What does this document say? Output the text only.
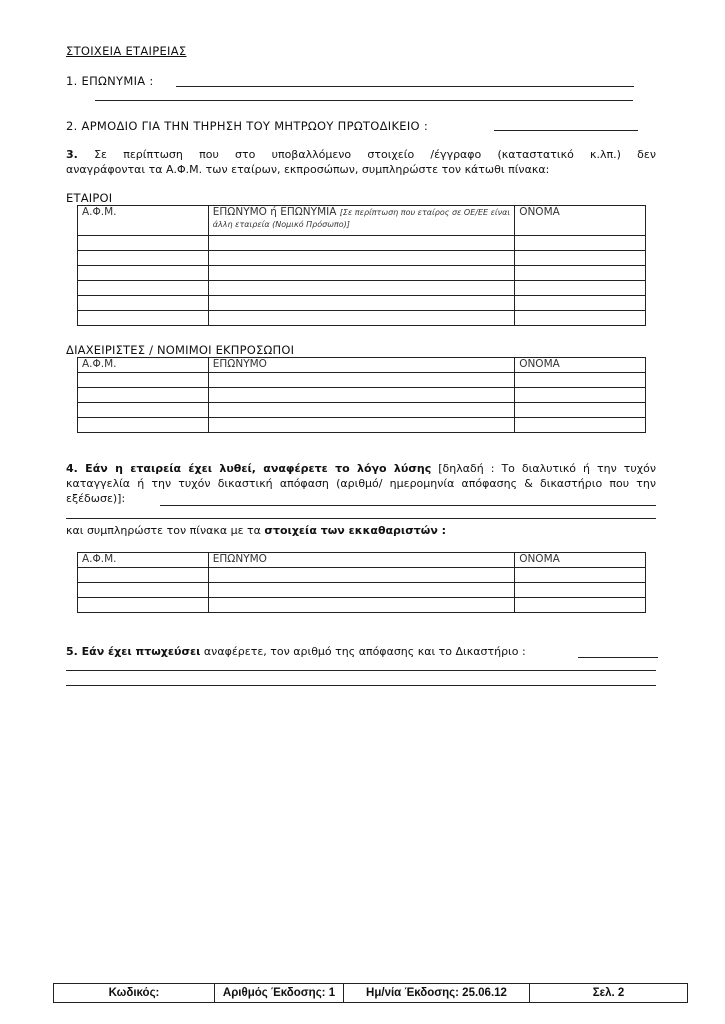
ΣΤΟΙΧΕΙΑ ΕΤΑΙΡΕΙΑΣ
1. ΕΠΩΝΥΜΙΑ :
2. ΑΡΜΟΔΙΟ ΓΙΑ ΤΗΝ ΤΗΡΗΣΗ ΤΟΥ ΜΗΤΡΩΟΥ ΠΡΩΤΟΔΙΚΕΙΟ :
3. Σε περίπτωση που στο υποβαλλόμενο στοιχείο /έγγραφο (καταστατικό κ.λπ.) δεν
αναγράφονται τα Α.Φ.Μ. των εταίρων, εκπροσώπων, συμπληρώστε τον κάτωθι πίνακα:
ΕΤΑΙΡΟΙ
Α.Φ.Μ.	ΕΠΩΝΥΜΟ ή ΕΠΩΝΥΜΙΑ [Σε περίπτωση που εταίρος σε ΟΕ/ΕΕ είναι άλλη εταιρεία (Νομικό Πρόσωπο)]	ΟΝΟΜΑ

ΔΙΑΧΕΙΡΙΣΤΕΣ / ΝΟΜΙΜΟΙ ΕΚΠΡΟΣΩΠΟΙ
Α.Φ.Μ.	ΕΠΩΝΥΜΟ	ΟΝΟΜΑ

4. Εάν η εταιρεία έχει λυθεί, αναφέρετε το λόγο λύσης [δηλαδή : Το διαλυτικό ή την τυχόν καταγγελία ή την τυχόν δικαστική απόφαση (αριθμό/ ημερομηνία απόφασης & δικαστήριο που την εξέδωσε)]:
και συμπληρώστε τον πίνακα με τα στοιχεία των εκκαθαριστών :
Α.Φ.Μ.	ΕΠΩΝΥΜΟ	ΟΝΟΜΑ

5. Εάν έχει πτωχεύσει αναφέρετε, τον αριθμό της απόφασης και το Δικαστήριο :
Κωδικός:	Αριθμός Έκδοσης: 1	Ημ/νία Έκδοσης: 25.06.12	Σελ. 2
